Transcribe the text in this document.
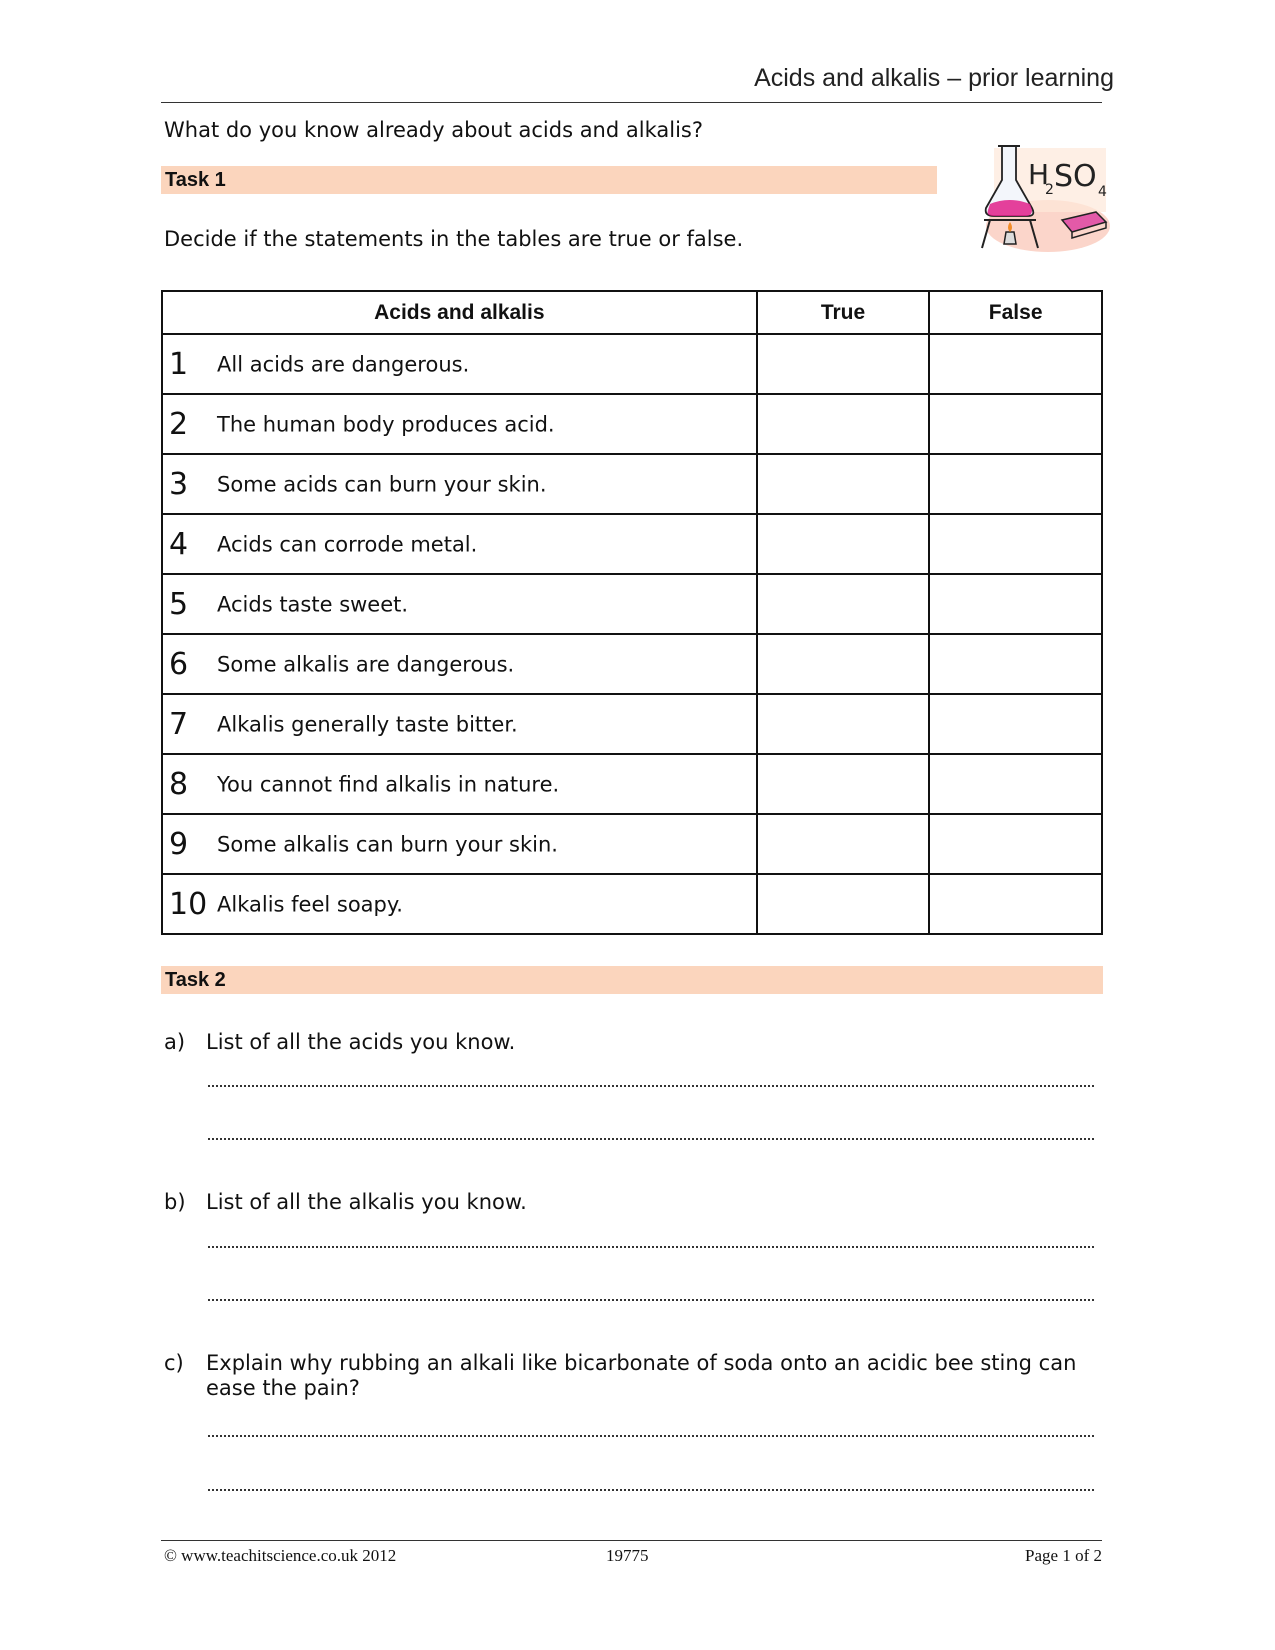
Acids and alkalis – prior learning
What do you know already about acids and alkalis?
Task 1	H
2 SO 4
Decide if the statements in the tables are true or false.
Acids and alkalis	True	False
1 All acids are dangerous.		
2 The human body produces acid.		
3 Some acids can burn your skin.		
4 Acids can corrode metal.		
5 Acids taste sweet.		
6 Some alkalis are dangerous.		
7 Alkalis generally taste bitter.		
8 You cannot find alkalis in nature.		
9 Some alkalis can burn your skin.		
10 Alkalis feel soapy.		
Task 2
a) List of all the acids you know.
b) List of all the alkalis you know.
c) Explain why rubbing an alkali like bicarbonate of soda onto an acidic bee sting can ease the pain?
© www.teachitscience.co.uk 2012	19775	Page 1 of 2
